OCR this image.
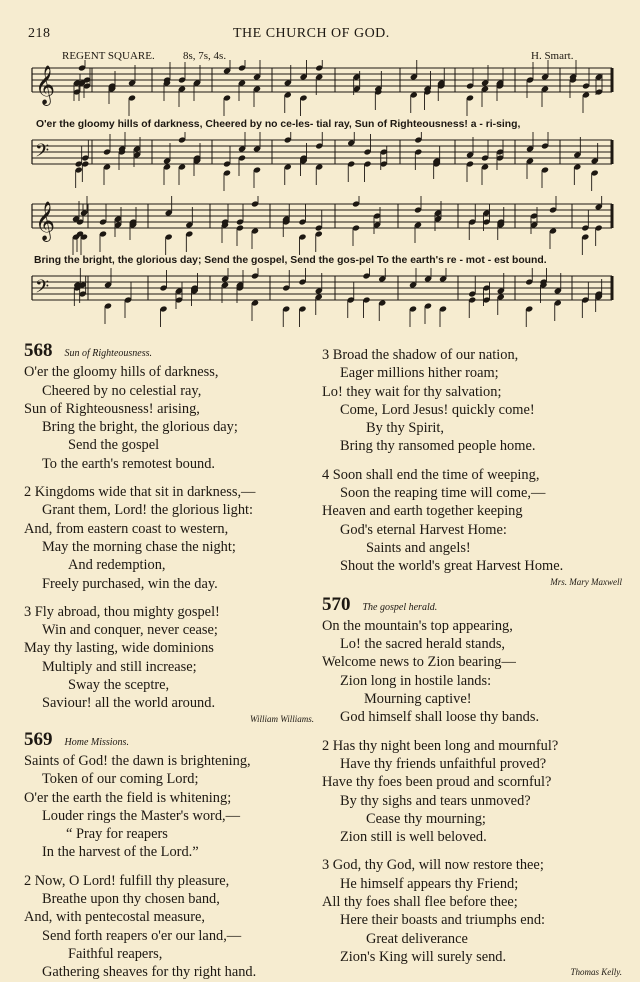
218	THE CHURCH OF GOD.
REGENT SQUARE.	8s, 7s, 4s.	H. Smart.
𝄞
O'er the gloomy hills of darkness, Cheered by no ce-les- tial ray, Sun of Righteousness! a - ri-sing,
𝄢
𝄞
Bring the bright, the glorious day; Send the gospel, Send the gos-pel To the earth's re - mot - est bound.
𝄢
568 Sun of Righteousness.
O'er the gloomy hills of darkness,
Cheered by no celestial ray,
Sun of Righteousness! arising,
Bring the bright, the glorious day;
Send the gospel
To the earth's remotest bound.
2 Kingdoms wide that sit in darkness,—
Grant them, Lord! the glorious light:
And, from eastern coast to western,
May the morning chase the night;
And redemption,
Freely purchased, win the day.
3 Fly abroad, thou mighty gospel!
Win and conquer, never cease;
May thy lasting, wide dominions
Multiply and still increase;
Sway the sceptre,
Saviour! all the world around.
William Williams.
569 Home Missions.
Saints of God! the dawn is brightening,
Token of our coming Lord;
O'er the earth the field is whitening;
Louder rings the Master's word,—
“ Pray for reapers
In the harvest of the Lord.”
2 Now, O Lord! fulfill thy pleasure,
Breathe upon thy chosen band,
And, with pentecostal measure,
Send forth reapers o'er our land,—
Faithful reapers,
Gathering sheaves for thy right hand.
3 Broad the shadow of our nation,
Eager millions hither roam;
Lo! they wait for thy salvation;
Come, Lord Jesus! quickly come!
By thy Spirit,
Bring thy ransomed people home.
4 Soon shall end the time of weeping,
Soon the reaping time will come,—
Heaven and earth together keeping
God's eternal Harvest Home:
Saints and angels!
Shout the world's great Harvest Home.
Mrs. Mary Maxwell
570 The gospel herald.
On the mountain's top appearing,
Lo! the sacred herald stands,
Welcome news to Zion bearing—
Zion long in hostile lands:
Mourning captive!
God himself shall loose thy bands.
2 Has thy night been long and mournful?
Have thy friends unfaithful proved?
Have thy foes been proud and scornful?
By thy sighs and tears unmoved?
Cease thy mourning;
Zion still is well beloved.
3 God, thy God, will now restore thee;
He himself appears thy Friend;
All thy foes shall flee before thee;
Here their boasts and triumphs end:
Great deliverance
Zion's King will surely send.
Thomas Kelly.
